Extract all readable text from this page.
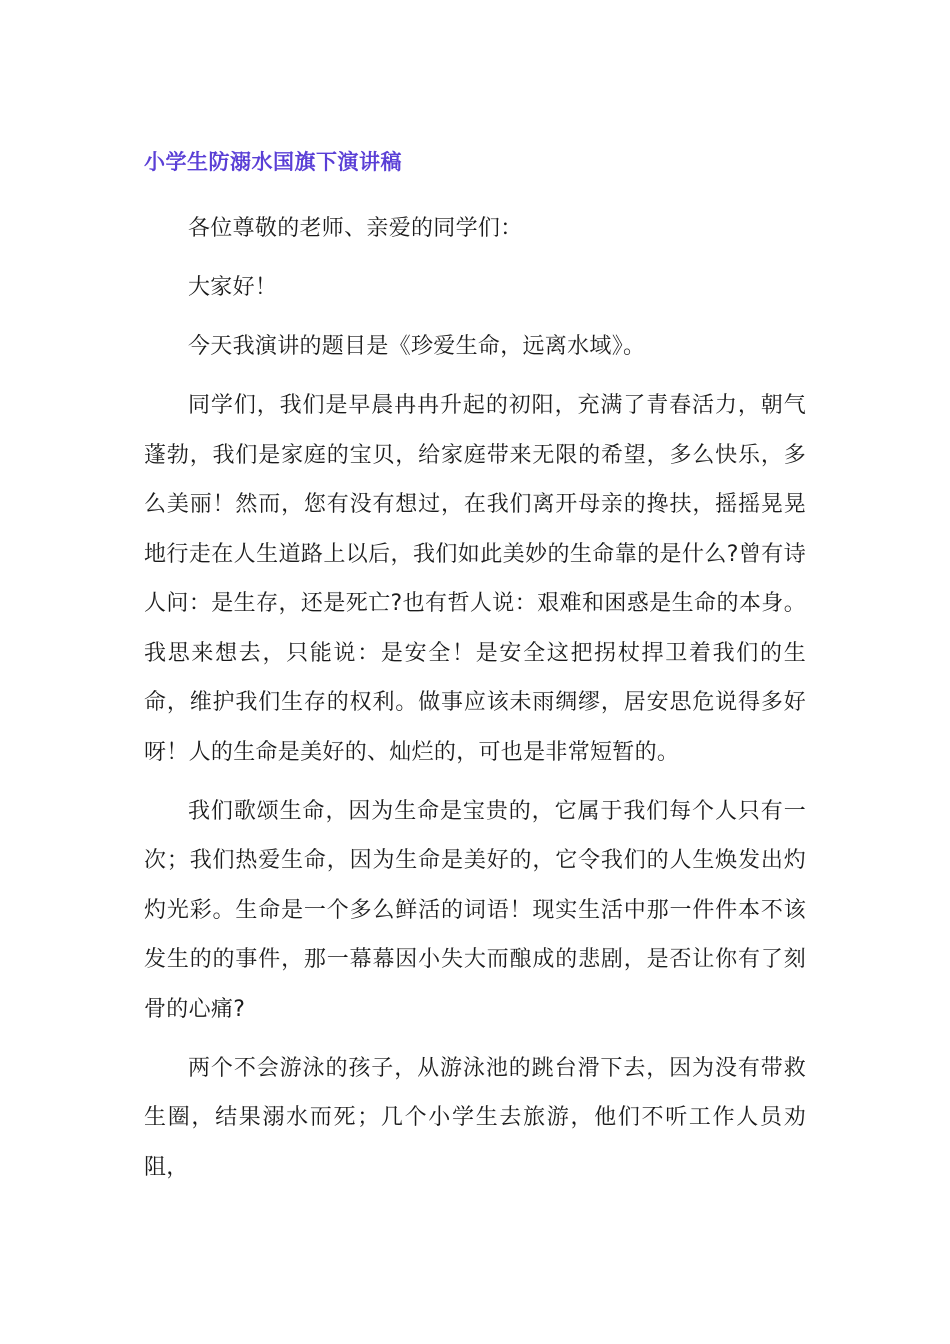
小学生防溺水国旗下演讲稿

各位尊敬的老师、亲爱的同学们：

大家好！

今天我演讲的题目是《珍爱生命，远离水域》。

同学们，我们是早晨冉冉升起的初阳，充满了青春活力，朝气蓬勃，我们是家庭的宝贝，给家庭带来无限的希望，多么快乐，多么美丽！然而，您有没有想过，在我们离开母亲的搀扶，摇摇晃晃地行走在人生道路上以后，我们如此美妙的生命靠的是什么?曾有诗人问：是生存，还是死亡?也有哲人说：艰难和困惑是生命的本身。我思来想去，只能说：是安全！是安全这把拐杖捍卫着我们的生命，维护我们生存的权利。做事应该未雨绸缪，居安思危说得多好呀！人的生命是美好的、灿烂的，可也是非常短暂的。

我们歌颂生命，因为生命是宝贵的，它属于我们每个人只有一次；我们热爱生命，因为生命是美好的，它令我们的人生焕发出灼灼光彩。生命是一个多么鲜活的词语！现实生活中那一件件本不该发生的的事件，那一幕幕因小失大而酿成的悲剧，是否让你有了刻骨的心痛?

两个不会游泳的孩子，从游泳池的跳台滑下去，因为没有带救生圈，结果溺水而死；几个小学生去旅游，他们不听工作人员劝阻，
